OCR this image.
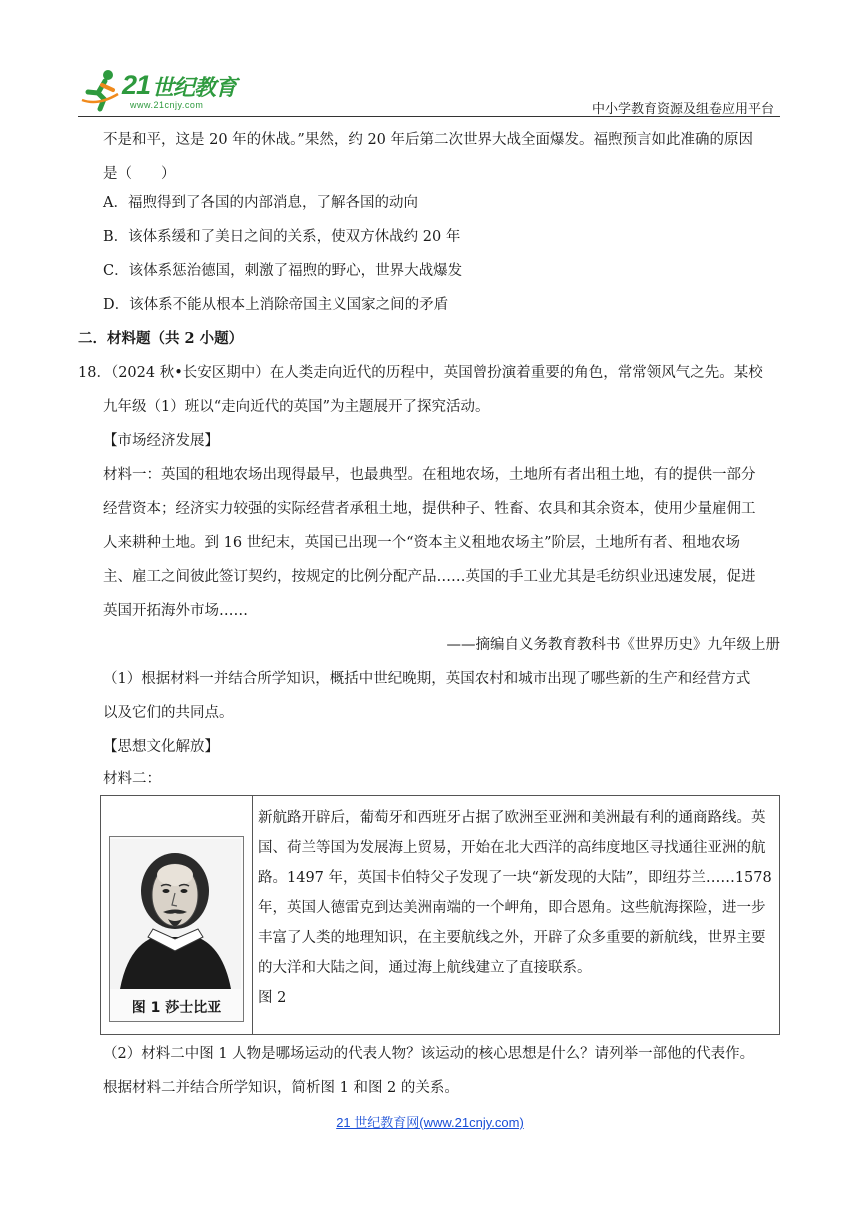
21 世纪教育
www.21cnjy.com	中小学教育资源及组卷应用平台
不是和平，这是 20 年的休战。”果然，约 20 年后第二次世界大战全面爆发。福煦预言如此准确的原因
是（　　）
A．福煦得到了各国的内部消息，了解各国的动向
B．该体系缓和了美日之间的关系，使双方休战约 20 年
C．该体系惩治德国，刺激了福煦的野心，世界大战爆发
D．该体系不能从根本上消除帝国主义国家之间的矛盾
二．材料题（共 2 小题）
18．（2024 秋•长安区期中）在人类走向近代的历程中，英国曾扮演着重要的角色，常常领风气之先。某校
九年级（1）班以“走向近代的英国”为主题展开了探究活动。
【市场经济发展】
材料一：英国的租地农场出现得最早，也最典型。在租地农场，土地所有者出租土地，有的提供一部分
经营资本；经济实力较强的实际经营者承租土地，提供种子、牲畜、农具和其余资本，使用少量雇佣工
人来耕种土地。到 16 世纪末，英国已出现一个“资本主义租地农场主”阶层，土地所有者、租地农场
主、雇工之间彼此签订契约，按规定的比例分配产品……英国的手工业尤其是毛纺织业迅速发展，促进
英国开拓海外市场……
——摘编自义务教育教科书《世界历史》九年级上册
（1）根据材料一并结合所学知识，概括中世纪晚期，英国农村和城市出现了哪些新的生产和经营方式
以及它们的共同点。
【思想文化解放】
材料二：
图 1 莎士比亚
新航路开辟后，葡萄牙和西班牙占据了欧洲至亚洲和美洲最有利的通商路线。英
国、荷兰等国为发展海上贸易，开始在北大西洋的高纬度地区寻找通往亚洲的航
路。1497 年，英国卡伯特父子发现了一块“新发现的大陆”，即纽芬兰……1578
年，英国人德雷克到达美洲南端的一个岬角，即合恩角。这些航海探险，进一步
丰富了人类的地理知识，在主要航线之外，开辟了众多重要的新航线，世界主要
的大洋和大陆之间，通过海上航线建立了直接联系。
图 2
（2）材料二中图 1 人物是哪场运动的代表人物？该运动的核心思想是什么？请列举一部他的代表作。
根据材料二并结合所学知识，简析图 1 和图 2 的关系。
21 世纪教育网(www.21cnjy.com)
